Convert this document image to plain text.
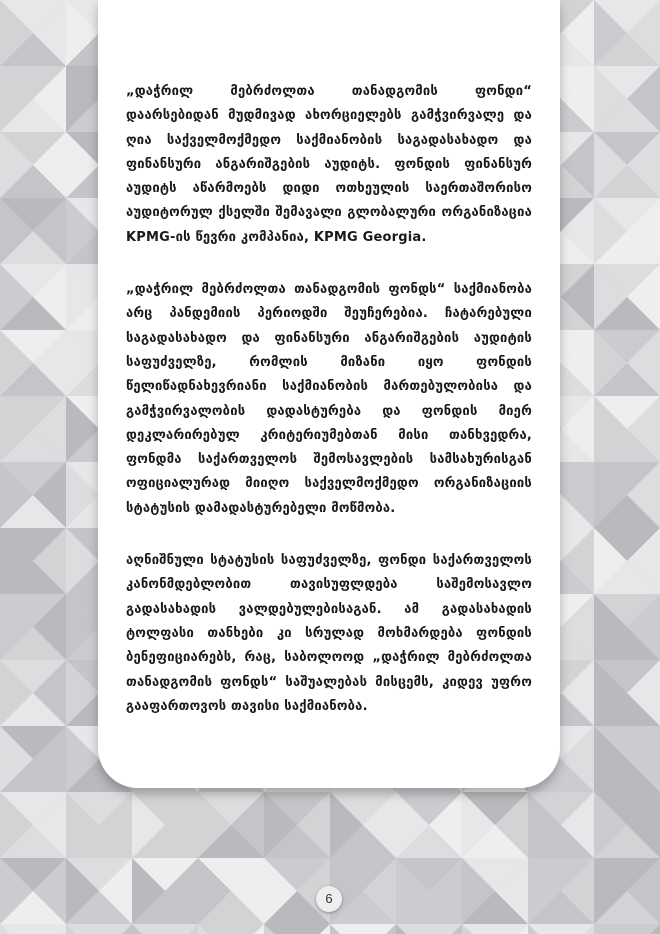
„დაჭრილ მებრძოლთა თანადგომის ფონდი“ დაარსებიდან მუდმივად ახორციელებს გამჭვირვალე და ღია საქველმოქმედო საქმიანობის საგადასახადო და ფინანსური ანგარიშგების აუდიტს. ფონდის ფინანსურ აუდიტს აწარმოებს დიდი ოთხეულის საერთაშორისო აუდიტორულ ქსელში შემავალი გლობალური ორგანიზაცია KPMG-ის წევრი კომპანია, KPMG Georgia.

„დაჭრილ მებრძოლთა თანადგომის ფონდს“ საქმიანობა არც პანდემიის პერიოდში შეუჩერებია. ჩატარებული საგადასახადო და ფინანსური ანგარიშგების აუდიტის საფუძველზე, რომლის მიზანი იყო ფონდის წელიწადნახევრიანი საქმიანობის მართებულობისა და გამჭვირვალობის დადასტურება და ფონდის მიერ დეკლარირებულ კრიტერიუმებთან მისი თანხვედრა, ფონდმა საქართველოს შემოსავლების სამსახურისგან ოფიციალურად მიიღო საქველმოქმედო ორგანიზაციის სტატუსის დამადასტურებელი მოწმობა.

აღნიშნული სტატუსის საფუძველზე, ფონდი საქართველოს კანონმდებლობით თავისუფლდება საშემოსავლო გადასახადის ვალდებულებისაგან. ამ გადასახადის ტოლფასი თანხები კი სრულად მოხმარდება ფონდის ბენეფიციარებს, რაც, საბოლოოდ „დაჭრილ მებრძოლთა თანადგომის ფონდს“ საშუალებას მისცემს, კიდევ უფრო გააფართოვოს თავისი საქმიანობა.

6
